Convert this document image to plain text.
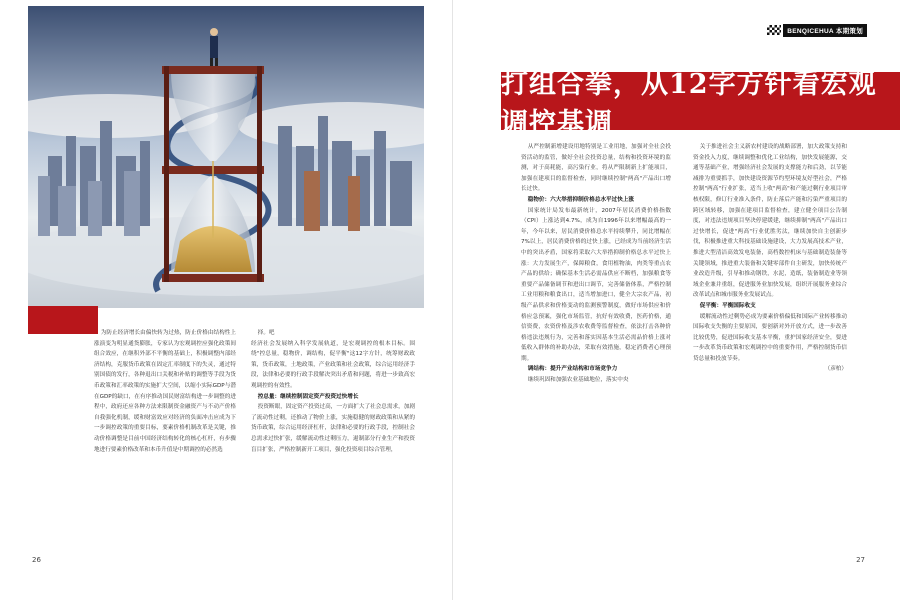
为防止经济增长由偏快转为过热，防止价格由结构性上涨演变为明显通货膨胀，专家认为宏观调控应强化政策间组合效应，在继积外部不平衡的基础上，积极调整内部经济结构，克服货币政策在固定汇率制度下的失灵，通过特别国债的发行，各种退出口关税和补贴的调整等手段为货币政策和汇率政策的实施扩大空间，以缩小实际GDP与潜在GDP的缺口，在有序推动国民财富结构进一步调整的进程中，政府还应各种方法来限制资金融资产与不动产价格自我强化机制，缓和财富效应对经济的负面冲击应成为下一步调控政策的重要目标，要素价格机制改革是关键，推动价格调整是目前中国经济结构转化的核心杠杆，有步骤地进行要素价格改革和本币升值是中期调控的必然选

择。吧
经济社会发展纳入科学发展轨道，是宏观调控的根本目标。围绕"控总量，稳物价，调结构，促平衡"这12字方针，统筹财政政策，货币政策，土地政策，产业政策和社会政策，综合运用经济手段，法律和必要的行政手段解决突出矛盾和问题，将进一步致高宏观调控的有效性。

控总量：继续控制固定资产投资过快增长

投资断眼，固定资产投资过高，一方面扩大了社会总需求，加剧了流动性过剩，还推动了物价上涨，实施稳健的财政政策和从紧的货币政策，综合运用经济杠杆，法律和必要的行政手段，控制社会总需求过快扩张，缓解流动性过剩压力，遏制部分行业生产和投资盲目扩张，严格控制新开工项目，强化投资项目综合管理，

26
BENQICEHUA 本期策划
打组合拳，从12字方针看宏观调控基调

从严控制新增建设用地特别是工业用地，加强对全社会投资活动的监管，做好全社会投资总量，结构和投资环境的监测，对于高耗能，高污染行业，将从严限制新上扩能项目，加强在建项目的监督检查，同时继续控制"两高"产品出口增长过快。

稳物价：六大举措抑制价格总水平过快上涨

国家统计局发布最新统计，2007年居民消费价格指数（CPI）上涨达到4.7%，成为自1996年以来增幅最高的一年，今年以来，居民消费价格总水平持续攀升，同比增幅在7%以上，居民消费价格的过快上涨，已经成为当前经济生活中的突出矛盾，国家将采取六大举措抑制价格总水平过快上涨：大力发展生产，保障粮食，食用植物油，肉类等重点农产品的供给；确保基本生活必需品供应不断档，加强粮食等重要产品储备调节和进出口调节，完善储备体系，严格控制工业用粮和粮食出口，适当增加进口，健全大宗农产品，初级产品供求和价格变动的监测预警制度，做好市场供应和价格应急预案，强化市场监管，抗好有效收费，医药价格，通信资费，农资价格及涉农收费等监督检查，依法打击各种价格违法违规行为，完善和落实因基本生活必需品价格上涨对低收入群体的补助办法，采取有效措施，稳定消费者心理预期。

调结构：提升产业结构和市场竞争力

继续巩固和加强农业基础地位，落实中央

关于推进社会主义新农村建设的战略部署，加大政策支持和资金投入力度，继续调整和优化工业结构，加快发展能源，交通等基础产业，增强经济社会发展的支撑能力和后劲，以节能减排为重要抓手，加快建设资源节约型环境友好型社会，严格控制"两高"行业扩张，适当上收"两高"和产能过剩行业项目审核权限，修订行业准入条件，防止落后产能和污染严重项目的跨区域转移，加强在建项目监督检查，建立健全项目公告制度，对违法违规项目坚决停建缓建，继续抑制"两高"产品出口过快增长，促进"两高"行业优胜劣汰，继续加快自主创新步伐，积极推进重大科技基础设施建设，大力发展高技术产业，推进大型清洁高效发电装备，高档数控机床与基础制造装备等关键领域，推进重大装备和关键零部件自主研发，加快传统产业改造升级，引导和推动钢铁，水泥，造纸，装备制造业等领域企业兼并重组，促进服务业加快发展，组织开展服务业综合改革试点和城市服务业发展试点。

促平衡：平衡国际收支

缓解流动性过剩势必成为要素价格偏低和国际产业转移推动国际收支失衡的主要原因，要创新对外开放方式，进一步改善比较优势，促进国际收支基本平衡，重护国家经济安全，要进一步改革货币政策和宏观调控中的重要作用，严格控制货币信贷总量和投放节奏。

（彦柏）

27
